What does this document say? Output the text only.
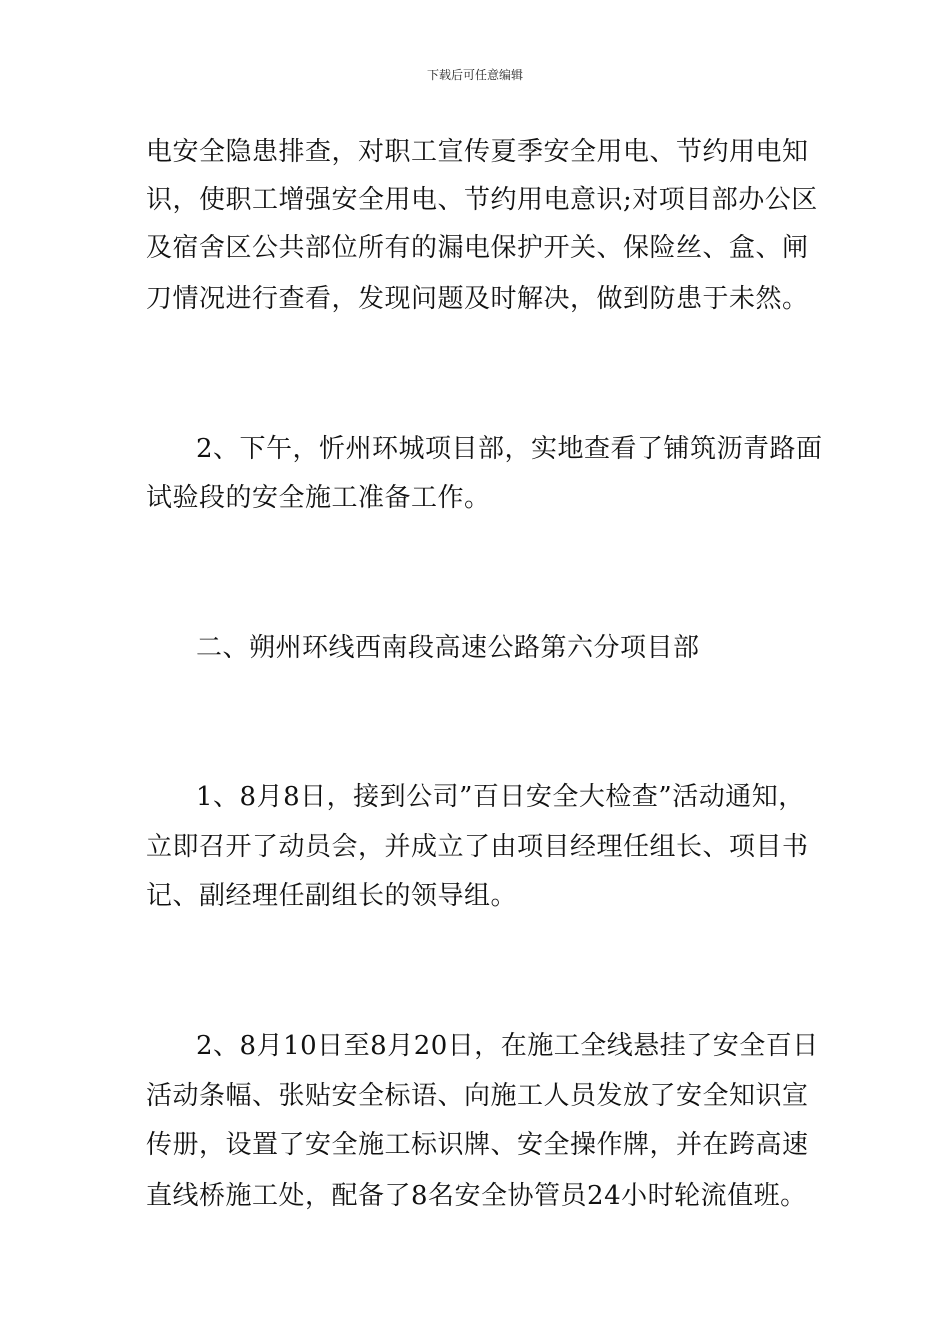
下载后可任意编辑
电安全隐患排查，对职工宣传夏季安全用电、节约用电知
识，使职工增强安全用电、节约用电意识;对项目部办公区
及宿舍区公共部位所有的漏电保护开关、保险丝、盒、闸
刀情况进行查看，发现问题及时解决，做到防患于未然。
2、下午，忻州环城项目部，实地查看了铺筑沥青路面
试验段的安全施工准备工作。
二、朔州环线西南段高速公路第六分项目部
1、8月8日，接到公司”百日安全大检查”活动通知，
立即召开了动员会，并成立了由项目经理任组长、项目书
记、副经理任副组长的领导组。
2、8月10日至8月20日，在施工全线悬挂了安全百日
活动条幅、张贴安全标语、向施工人员发放了安全知识宣
传册，设置了安全施工标识牌、安全操作牌，并在跨高速
直线桥施工处，配备了8名安全协管员24小时轮流值班。
